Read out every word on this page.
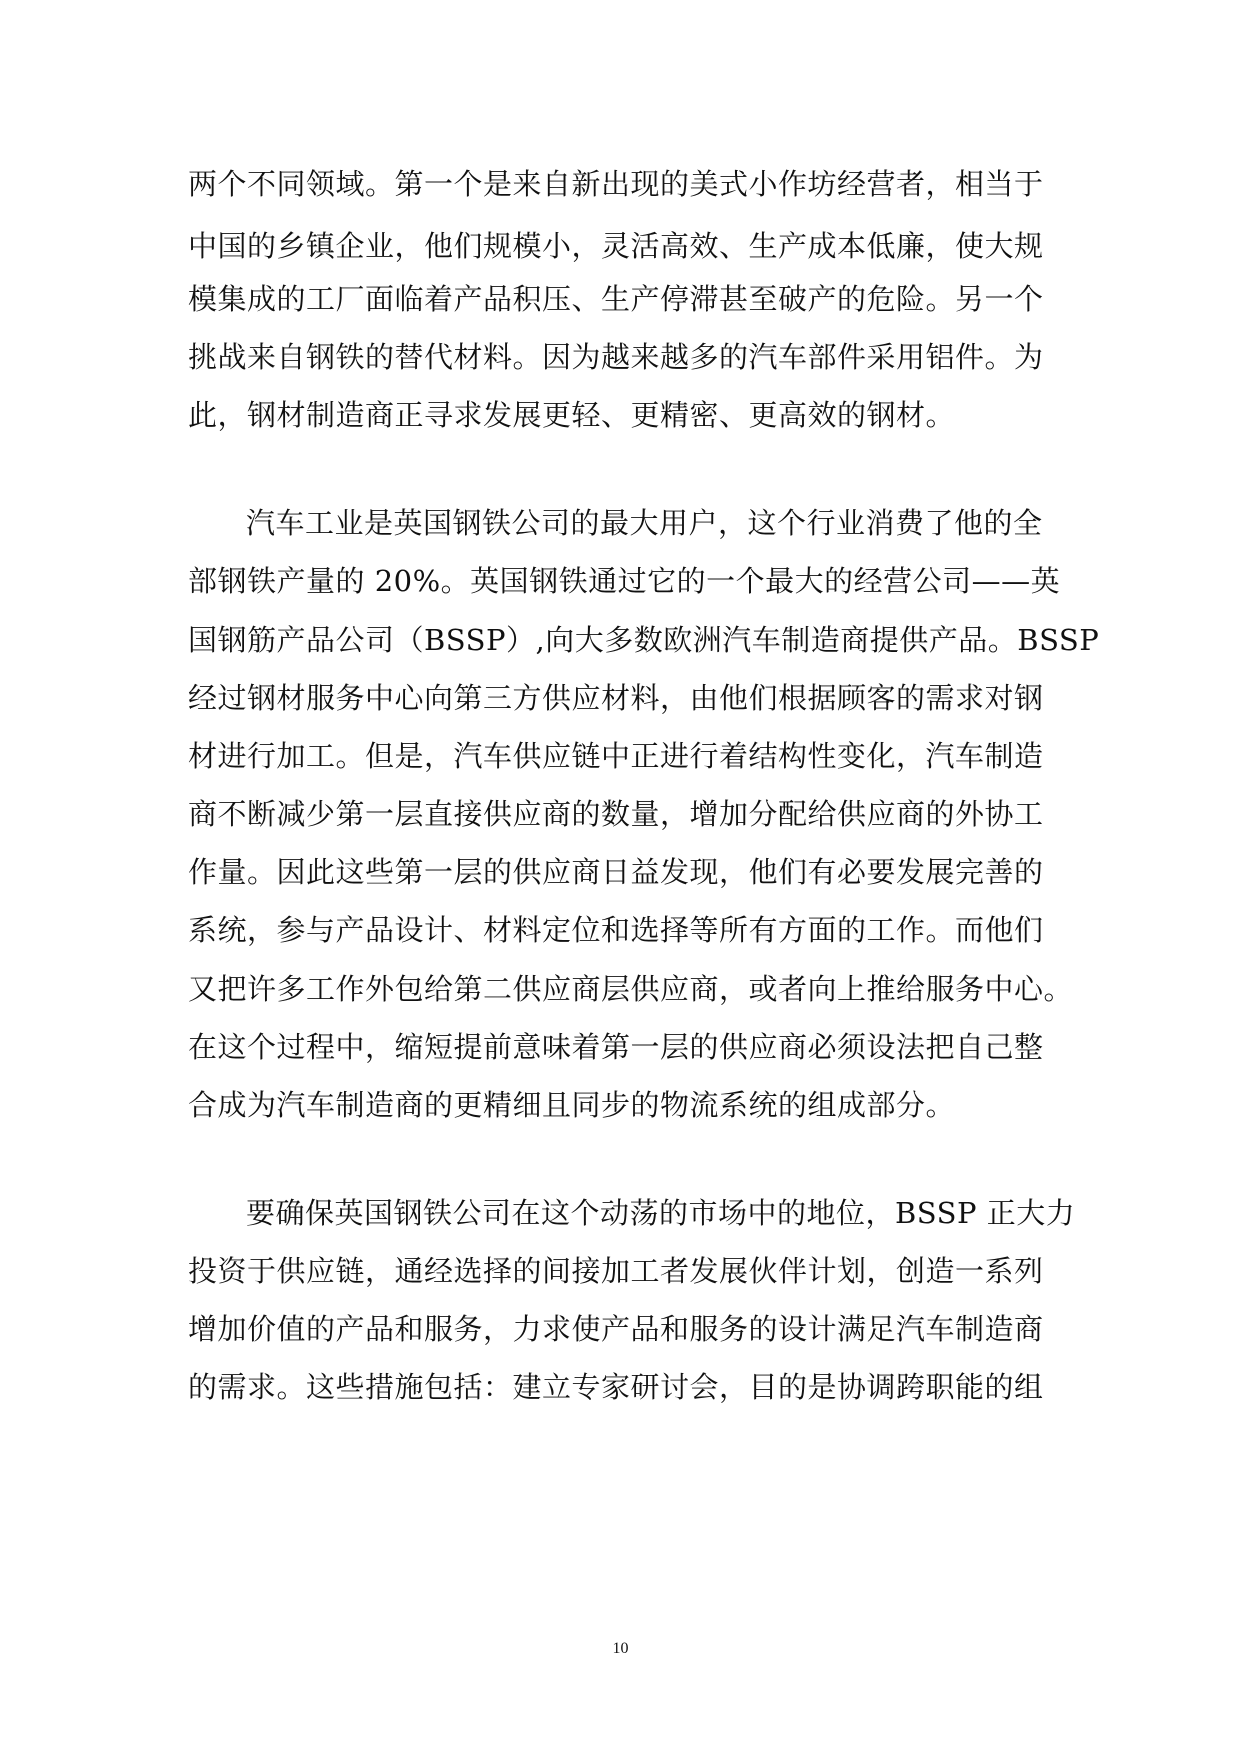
两个不同领域。第一个是来自新出现的美式小作坊经营者，相当于
中国的乡镇企业，他们规模小，灵活高效、生产成本低廉，使大规
模集成的工厂面临着产品积压、生产停滞甚至破产的危险。另一个
挑战来自钢铁的替代材料。因为越来越多的汽车部件采用铝件。为
此，钢材制造商正寻求发展更轻、更精密、更高效的钢材。
汽车工业是英国钢铁公司的最大用户，这个行业消费了他的全
部钢铁产量的 20%。英国钢铁通过它的一个最大的经营公司——英
国钢筋产品公司（BSSP）,向大多数欧洲汽车制造商提供产品。BSSP
经过钢材服务中心向第三方供应材料，由他们根据顾客的需求对钢
材进行加工。但是，汽车供应链中正进行着结构性变化，汽车制造
商不断减少第一层直接供应商的数量，增加分配给供应商的外协工
作量。因此这些第一层的供应商日益发现，他们有必要发展完善的
系统，参与产品设计、材料定位和选择等所有方面的工作。而他们
又把许多工作外包给第二供应商层供应商，或者向上推给服务中心。
在这个过程中，缩短提前意味着第一层的供应商必须设法把自己整
合成为汽车制造商的更精细且同步的物流系统的组成部分。
要确保英国钢铁公司在这个动荡的市场中的地位，BSSP 正大力
投资于供应链，通经选择的间接加工者发展伙伴计划，创造一系列
增加价值的产品和服务，力求使产品和服务的设计满足汽车制造商
的需求。这些措施包括：建立专家研讨会，目的是协调跨职能的组
10
